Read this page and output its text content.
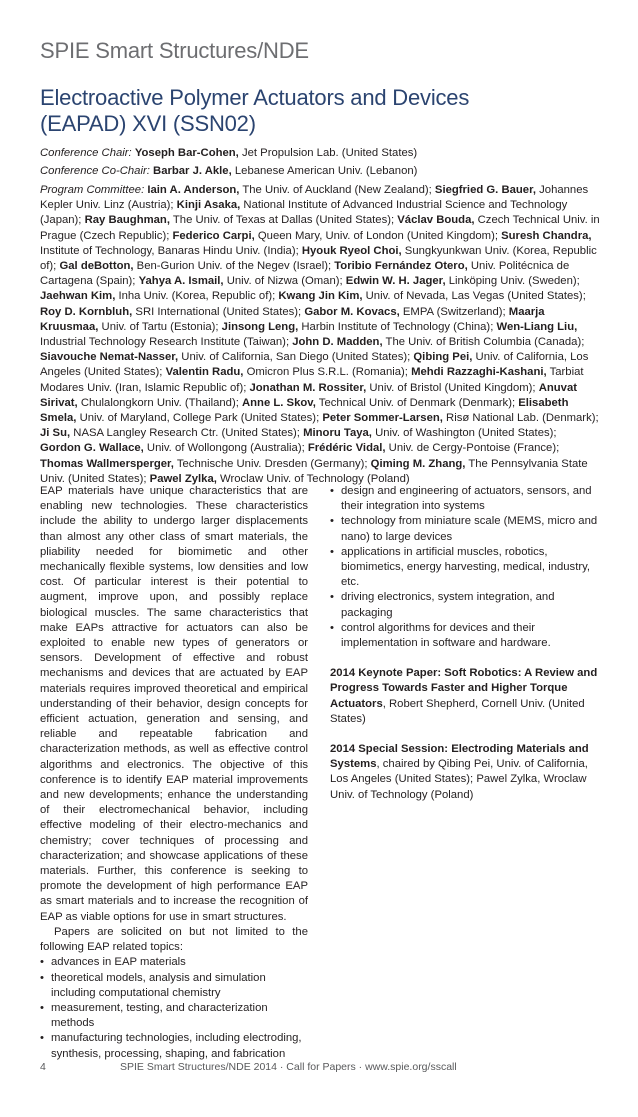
SPIE Smart Structures/NDE
Electroactive Polymer Actuators and Devices
(EAPAD) XVI (SSN02)
Conference Chair: Yoseph Bar-Cohen, Jet Propulsion Lab. (United States)
Conference Co-Chair: Barbar J. Akle, Lebanese American Univ. (Lebanon)
Program Committee: Iain A. Anderson, The Univ. of Auckland (New Zealand); Siegfried G. Bauer, Johannes Kepler Univ. Linz (Austria); Kinji Asaka, National Institute of Advanced Industrial Science and Technology (Japan); Ray Baughman, The Univ. of Texas at Dallas (United States); Václav Bouda, Czech Technical Univ. in Prague (Czech Republic); Federico Carpi, Queen Mary, Univ. of London (United Kingdom); Suresh Chandra, Institute of Technology, Banaras Hindu Univ. (India); Hyouk Ryeol Choi, Sungkyunkwan Univ. (Korea, Republic of); Gal deBotton, Ben-Gurion Univ. of the Negev (Israel); Toribio Fernández Otero, Univ. Politécnica de Cartagena (Spain); Yahya A. Ismail, Univ. of Nizwa (Oman); Edwin W. H. Jager, Linköping Univ. (Sweden); Jaehwan Kim, Inha Univ. (Korea, Republic of); Kwang Jin Kim, Univ. of Nevada, Las Vegas (United States); Roy D. Kornbluh, SRI International (United States); Gabor M. Kovacs, EMPA (Switzerland); Maarja Kruusmaa, Univ. of Tartu (Estonia); Jinsong Leng, Harbin Institute of Technology (China); Wen-Liang Liu, Industrial Technology Research Institute (Taiwan); John D. Madden, The Univ. of British Columbia (Canada); Siavouche Nemat-Nasser, Univ. of California, San Diego (United States); Qibing Pei, Univ. of California, Los Angeles (United States); Valentin Radu, Omicron Plus S.R.L. (Romania); Mehdi Razzaghi-Kashani, Tarbiat Modares Univ. (Iran, Islamic Republic of); Jonathan M. Rossiter, Univ. of Bristol (United Kingdom); Anuvat Sirivat, Chulalongkorn Univ. (Thailand); Anne L. Skov, Technical Univ. of Denmark (Denmark); Elisabeth Smela, Univ. of Maryland, College Park (United States); Peter Sommer-Larsen, Risø National Lab. (Denmark); Ji Su, NASA Langley Research Ctr. (United States); Minoru Taya, Univ. of Washington (United States); Gordon G. Wallace, Univ. of Wollongong (Australia); Frédéric Vidal, Univ. de Cergy-Pontoise (France); Thomas Wallmersperger, Technische Univ. Dresden (Germany); Qiming M. Zhang, The Pennsylvania State Univ. (United States); Pawel Zylka, Wroclaw Univ. of Technology (Poland)

EAP materials have unique characteristics that are enabling new technologies. These characteristics include the ability to undergo larger displacements than almost any other class of smart materials, the pliability needed for biomimetic and other mechanically flexible systems, low densities and low cost. Of particular interest is their potential to augment, improve upon, and possibly replace biological muscles. The same characteristics that make EAPs attractive for actuators can also be exploited to enable new types of generators or sensors. Development of effective and robust mechanisms and devices that are actuated by EAP materials requires improved theoretical and empirical understanding of their behavior, design concepts for efficient actuation, generation and sensing, and reliable and repeatable fabrication and characterization methods, as well as effective control algorithms and electronics. The objective of this conference is to identify EAP material improvements and new developments; enhance the understanding of their electromechanical behavior, including effective modeling of their electro-mechanics and chemistry; cover techniques of processing and characterization; and showcase applications of these materials. Further, this conference is seeking to promote the development of high performance EAP as smart materials and to increase the recognition of EAP as viable options for use in smart structures.

Papers are solicited on but not limited to the following EAP related topics:

• advances in EAP materials
• theoretical models, analysis and simulation including computational chemistry
• measurement, testing, and characterization methods
• manufacturing technologies, including electroding, synthesis, processing, shaping, and fabrication
• design and engineering of actuators, sensors, and their integration into systems
• technology from miniature scale (MEMS, micro and nano) to large devices
• applications in artificial muscles, robotics, biomimetics, energy harvesting, medical, industry, etc.
• driving electronics, system integration, and packaging
• control algorithms for devices and their implementation in software and hardware.

2014 Keynote Paper: Soft Robotics: A Review and Progress Towards Faster and Higher Torque Actuators, Robert Shepherd, Cornell Univ. (United States)

2014 Special Session: Electroding Materials and Systems, chaired by Qibing Pei, Univ. of California, Los Angeles (United States); Pawel Zylka, Wroclaw Univ. of Technology (Poland)

4	SPIE Smart Structures/NDE 2014 · Call for Papers · www.spie.org/sscall
